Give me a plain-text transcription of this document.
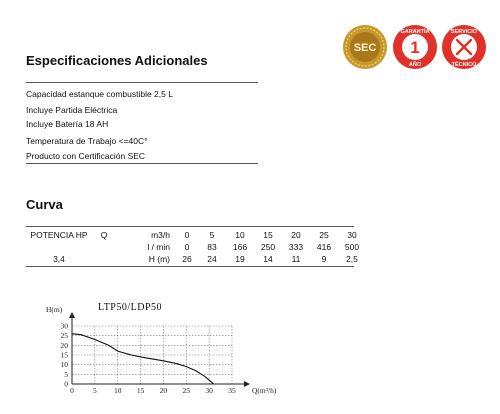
Especificaciones Adicionales
SEC 1
GARANTÍA
AÑO
SERVICIO
TÉCNICO
Capacidad estanque combustible 2,5 L
Incluye Partida Eléctrica
Incluye Batería 18 AH
Temperatura de Trabajo <=40C°
Producto con Certificación SEC
Curva
POTENCIA HP	Q	m3/h	0	5	10	15	20	25	30
		l / min	0	83	166	250	333	416	500
3,4		H (m)	26	24	19	14	11	9	2,5
LTP50/LDP50
0
5
10
15
20
25
30
0	5 10 15 20 25 30 35
H(m)
Q(m³/h)
